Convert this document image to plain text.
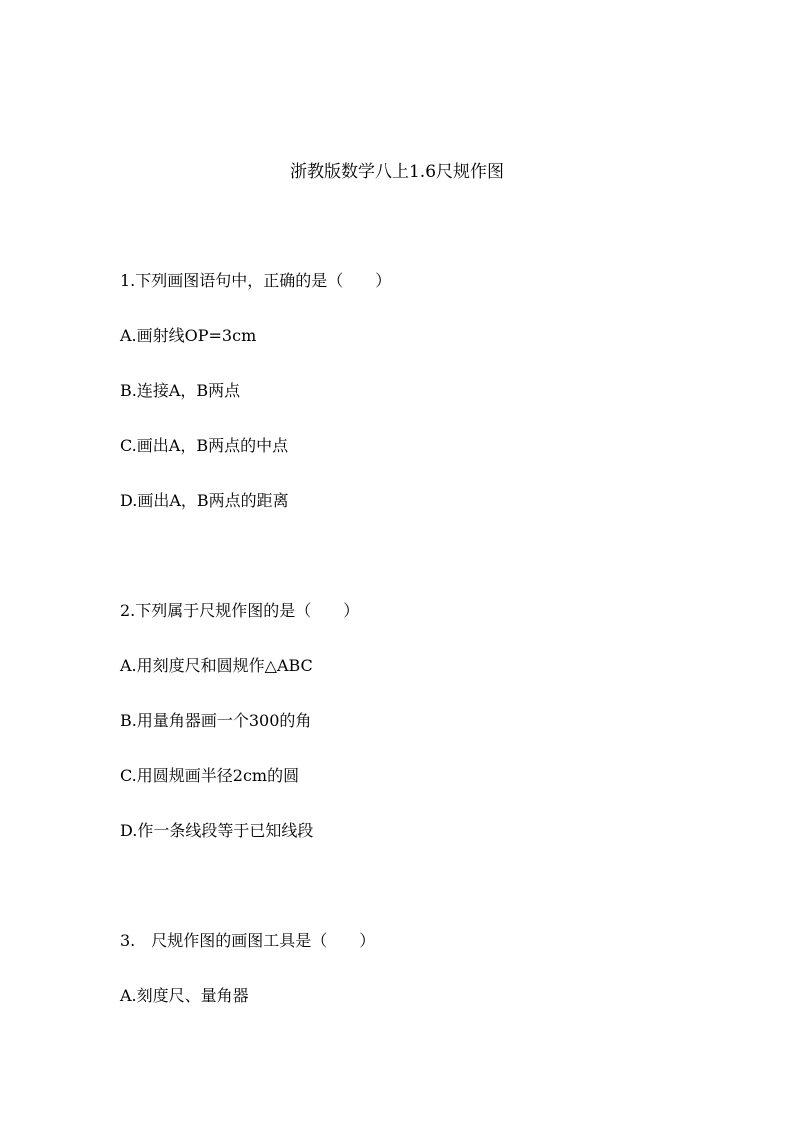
浙教版数学八上1.6尺规作图

1.下列画图语句中，正确的是（　　）

A.画射线OP=3cm

B.连接A，B两点

C.画出A，B两点的中点

D.画出A，B两点的距离

2.下列属于尺规作图的是（　　）

A.用刻度尺和圆规作△ABC

B.用量角器画一个300的角

C.用圆规画半径2cm的圆

D.作一条线段等于已知线段

3.　尺规作图的画图工具是（　　）

A.刻度尺、量角器
